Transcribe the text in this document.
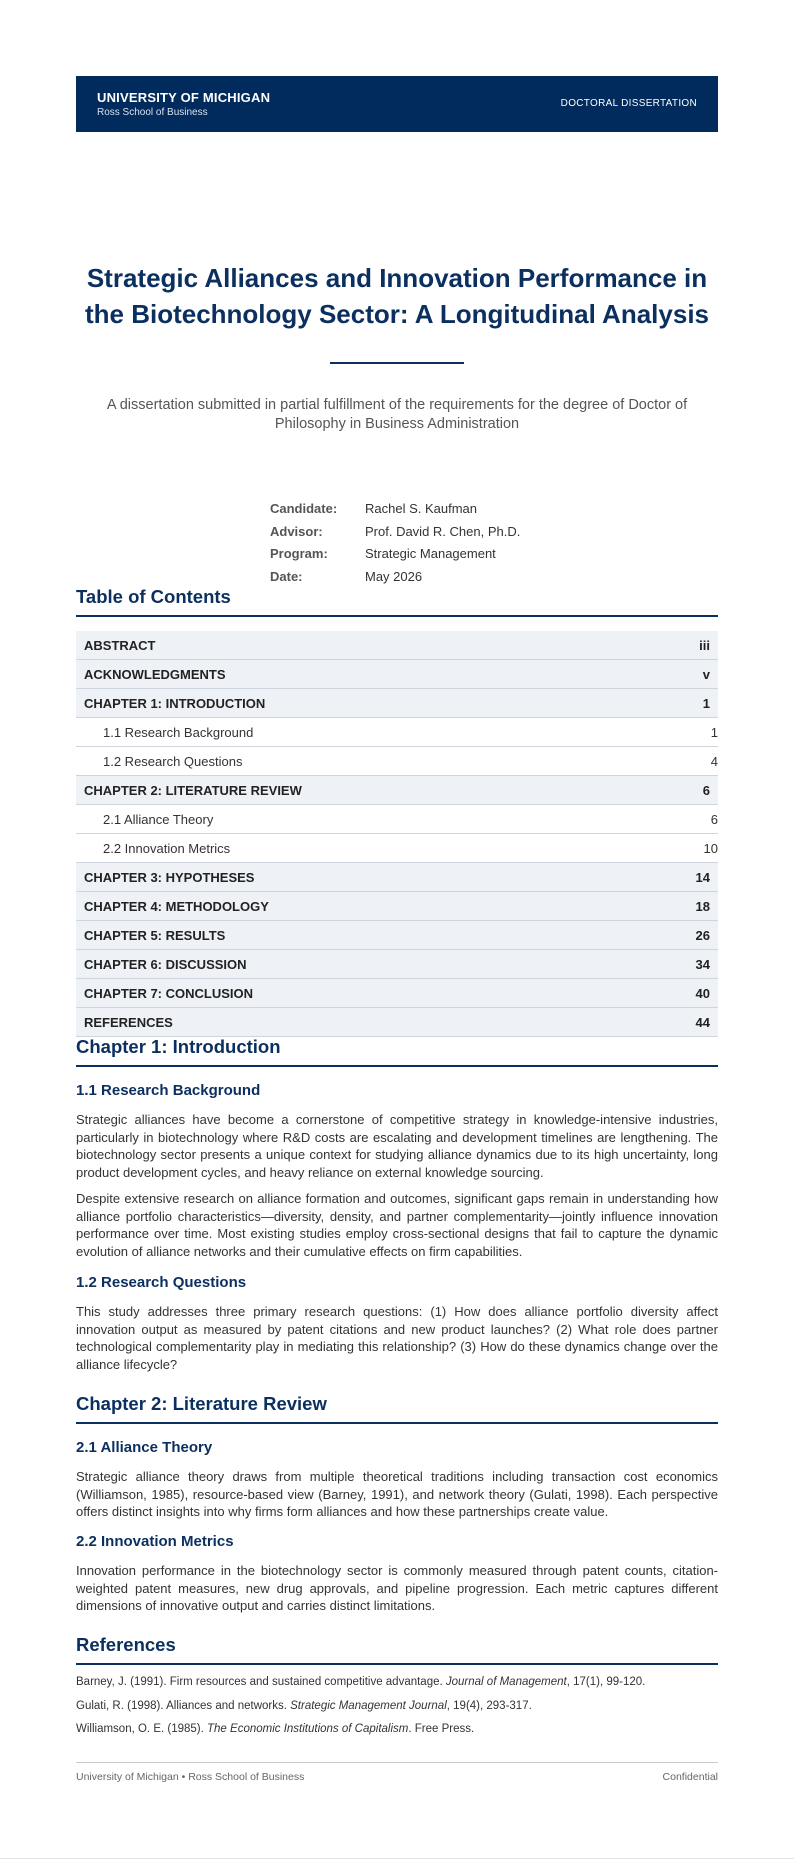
UNIVERSITY OF MICHIGAN
Ross School of Business
DOCTORAL DISSERTATION
Strategic Alliances and Innovation Performance in the Biotechnology Sector: A Longitudinal Analysis
A dissertation submitted in partial fulfillment of the requirements for the degree of Doctor of Philosophy in Business Administration
Candidate: Rachel S. Kaufman
Advisor:	Prof. David R. Chen, Ph.D.
Program:	Strategic Management
Date:	May 2026
Table of Contents
ABSTRACT	iii
ACKNOWLEDGMENTS	v
CHAPTER 1: INTRODUCTION	1
1.1 Research Background	1
1.2 Research Questions	4
CHAPTER 2: LITERATURE REVIEW	6
2.1 Alliance Theory	6
2.2 Innovation Metrics	10
CHAPTER 3: HYPOTHESES	14
CHAPTER 4: METHODOLOGY	18
CHAPTER 5: RESULTS	26
CHAPTER 6: DISCUSSION	34
CHAPTER 7: CONCLUSION	40
REFERENCES	44
Chapter 1: Introduction
1.1 Research Background

Strategic alliances have become a cornerstone of competitive strategy in knowledge-intensive industries, particularly in biotechnology where R&D costs are escalating and development timelines are lengthening. The biotechnology sector presents a unique context for studying alliance dynamics due to its high uncertainty, long product development cycles, and heavy reliance on external knowledge sourcing.

Despite extensive research on alliance formation and outcomes, significant gaps remain in understanding how alliance portfolio characteristics—diversity, density, and partner complementarity—jointly influence innovation performance over time. Most existing studies employ cross-sectional designs that fail to capture the dynamic evolution of alliance networks and their cumulative effects on firm capabilities.

1.2 Research Questions

This study addresses three primary research questions: (1) How does alliance portfolio diversity affect innovation output as measured by patent citations and new product launches? (2) What role does partner technological complementarity play in mediating this relationship? (3) How do these dynamics change over the alliance lifecycle?

Chapter 2: Literature Review
2.1 Alliance Theory

Strategic alliance theory draws from multiple theoretical traditions including transaction cost economics (Williamson, 1985), resource-based view (Barney, 1991), and network theory (Gulati, 1998). Each perspective offers distinct insights into why firms form alliances and how these partnerships create value.

2.2 Innovation Metrics

Innovation performance in the biotechnology sector is commonly measured through patent counts, citation-weighted patent measures, new drug approvals, and pipeline progression. Each metric captures different dimensions of innovative output and carries distinct limitations.

References
Barney, J. (1991). Firm resources and sustained competitive advantage. Journal of Management, 17(1), 99-120.
Gulati, R. (1998). Alliances and networks. Strategic Management Journal, 19(4), 293-317.
Williamson, O. E. (1985). The Economic Institutions of Capitalism. Free Press.
University of Michigan • Ross School of Business	Confidential
